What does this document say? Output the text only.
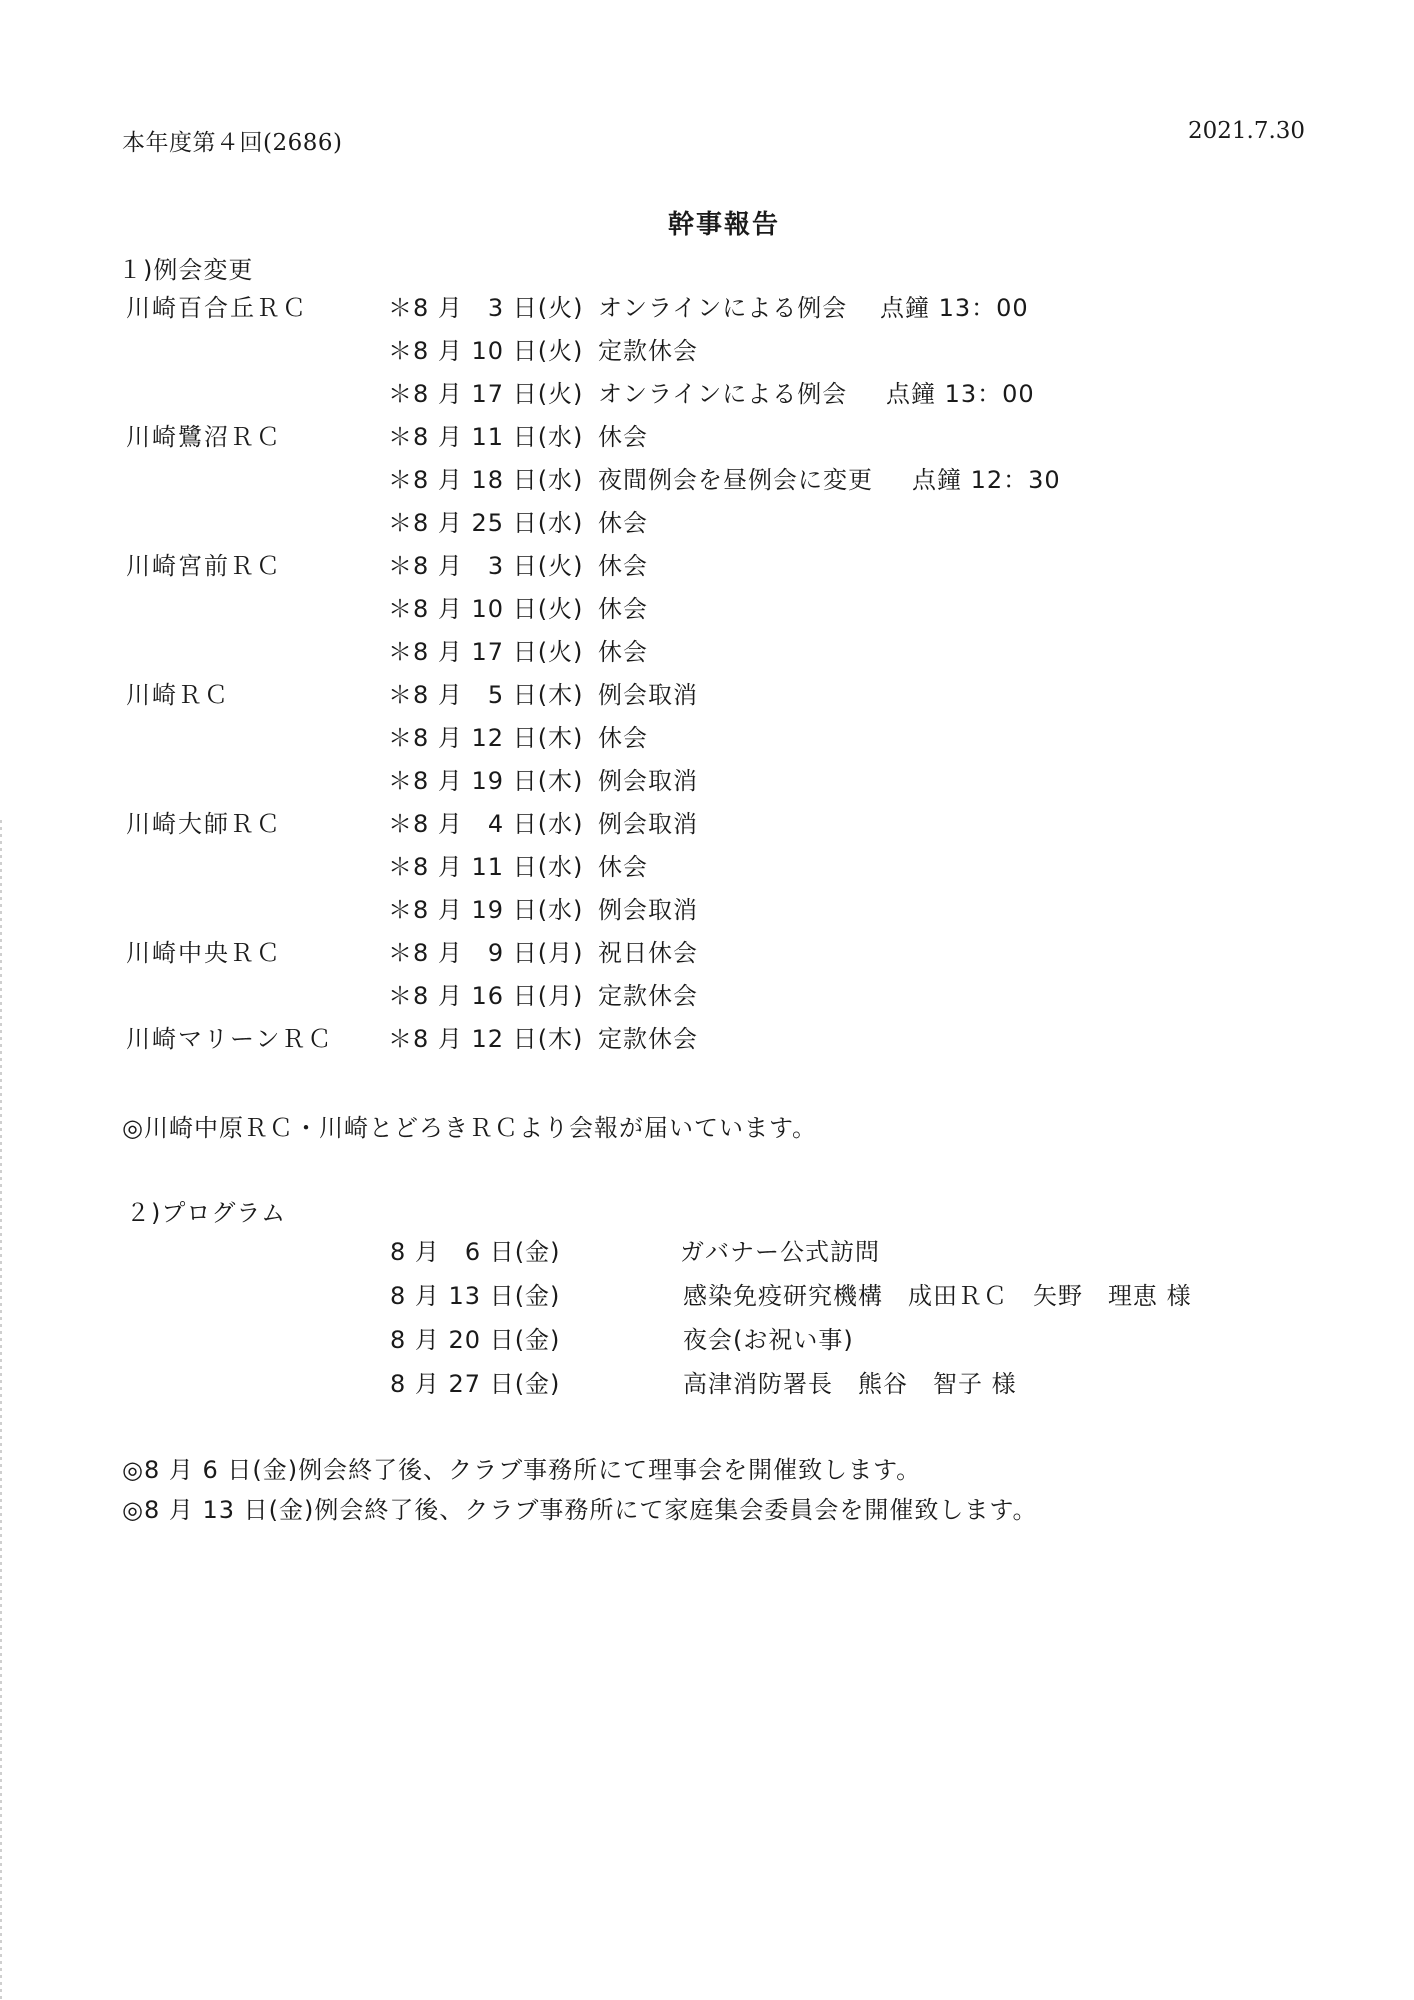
本年度第４回(2686)	2021.7.30
幹事報告
１)例会変更
川崎百合丘ＲＣ	＊8 月　3 日(火) オンラインによる例会 点鐘 13：00
＊8 月 10 日(火) 定款休会
＊8 月 17 日(火) オンラインによる例会 点鐘 13：00
川崎鷺沼ＲＣ	＊8 月 11 日(水) 休会
＊8 月 18 日(水) 夜間例会を昼例会に変更 点鐘 12：30
＊8 月 25 日(水) 休会
川崎宮前ＲＣ	＊8 月　3 日(火) 休会
＊8 月 10 日(火) 休会
＊8 月 17 日(火) 休会
川崎ＲＣ	＊8 月　5 日(木) 例会取消
＊8 月 12 日(木) 休会
＊8 月 19 日(木) 例会取消
川崎大師ＲＣ	＊8 月　4 日(水) 例会取消
＊8 月 11 日(水) 休会
＊8 月 19 日(水) 例会取消
川崎中央ＲＣ	＊8 月　9 日(月) 祝日休会
＊8 月 16 日(月) 定款休会
川崎マリーンＲＣ ＊8 月 12 日(木) 定款休会
◎川崎中原ＲＣ・川崎とどろきＲＣより会報が届いています。
２)プログラム
8 月　6 日(金)	ガバナー公式訪問
8 月 13 日(金)	感染免疫研究機構　成田ＲＣ　矢野　理恵 様
8 月 20 日(金)	夜会(お祝い事)
8 月 27 日(金)	高津消防署長　熊谷　智子 様
◎8 月 6 日(金)例会終了後、クラブ事務所にて理事会を開催致します。
◎8 月 13 日(金)例会終了後、クラブ事務所にて家庭集会委員会を開催致します。
